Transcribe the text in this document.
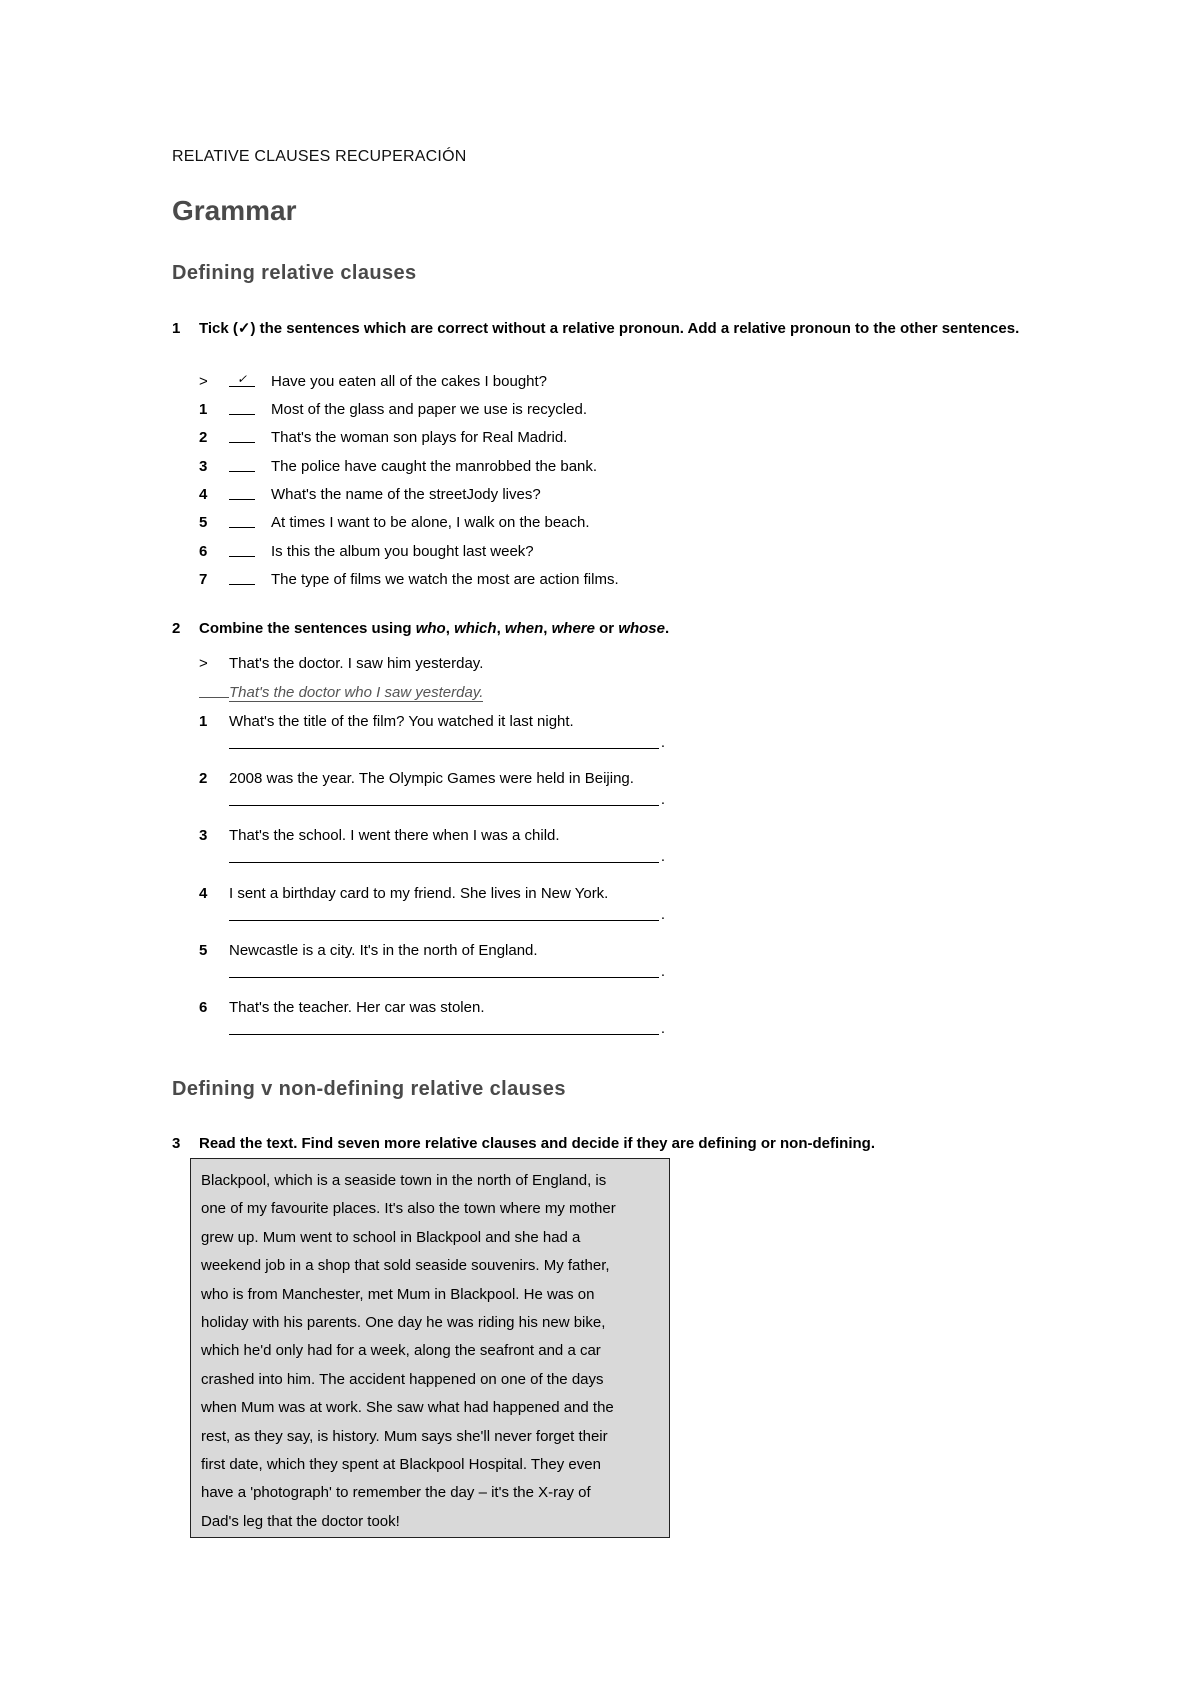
RELATIVE CLAUSES RECUPERACIÓN
Grammar
Defining relative clauses
1 Tick (✓) the sentences which are correct without a relative pronoun. Add a relative pronoun to the other sentences.
> ✓ Have you eaten all of the cakes I bought?
1	Most of the glass and paper we use is recycled.
2	That's the woman son plays for Real Madrid.
3	The police have caught the manrobbed the bank.
4	What's the name of the streetJody lives?
5	At times I want to be alone, I walk on the beach.
6	Is this the album you bought last week?
7	The type of films we watch the most are action films.
2 Combine the sentences using who, which, when, where or whose.
> That's the doctor. I saw him yesterday.
That's the doctor who I saw yesterday.
1 What's the title of the film? You watched it last night.
.
2 2008 was the year. The Olympic Games were held in Beijing.
.
3 That's the school. I went there when I was a child.
.
4 I sent a birthday card to my friend. She lives in New York.
.
5 Newcastle is a city. It's in the north of England.
.
6 That's the teacher. Her car was stolen.
.
Defining v non-defining relative clauses
3 Read the text. Find seven more relative clauses and decide if they are defining or non-defining.
Blackpool, which is a seaside town in the north of England, is
one of my favourite places. It's also the town where my mother
grew up. Mum went to school in Blackpool and she had a
weekend job in a shop that sold seaside souvenirs. My father,
who is from Manchester, met Mum in Blackpool. He was on
holiday with his parents. One day he was riding his new bike,
which he'd only had for a week, along the seafront and a car
crashed into him. The accident happened on one of the days
when Mum was at work. She saw what had happened and the
rest, as they say, is history. Mum says she'll never forget their
first date, which they spent at Blackpool Hospital. They even
have a 'photograph' to remember the day – it's the X-ray of
Dad's leg that the doctor took!
